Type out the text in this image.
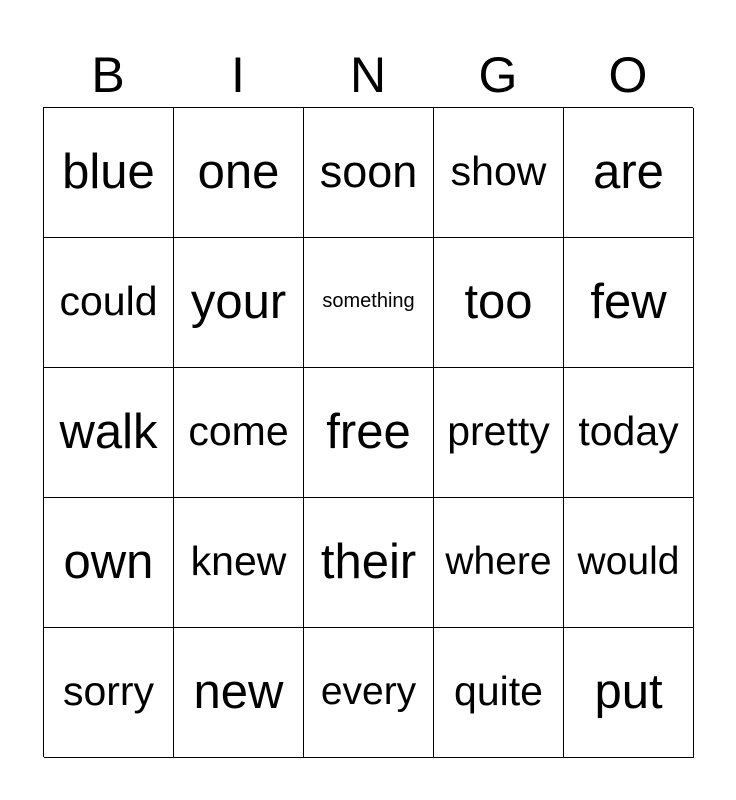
B	I	N	G	O
blue one soon show are
could your something too few
walk come free pretty today
own knew their where would
sorry new every quite put
